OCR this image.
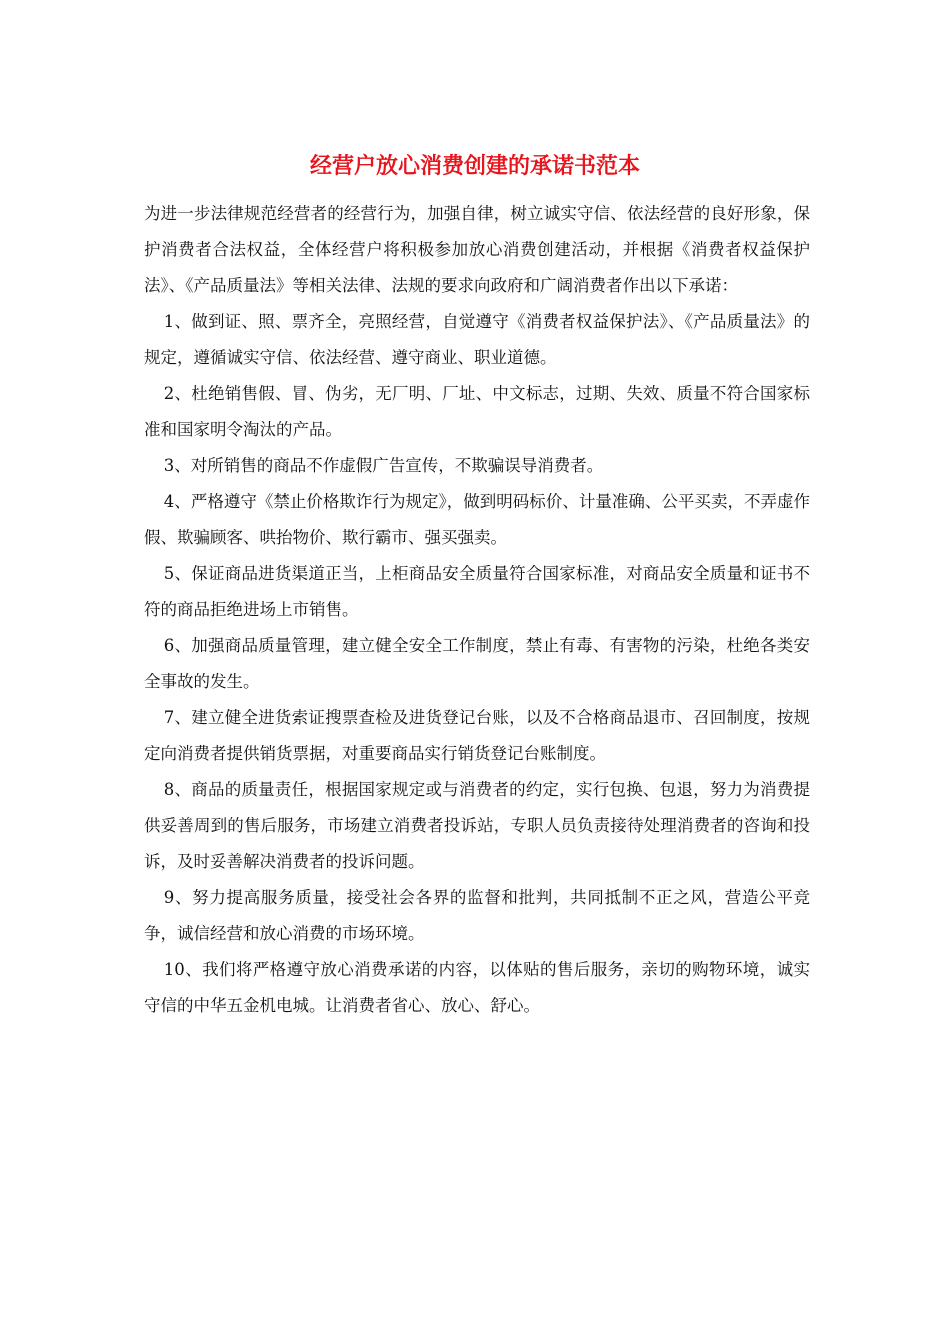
经营户放心消费创建的承诺书范本

为进一步法律规范经营者的经营行为，加强自律，树立诚实守信、依法经营的良好形象，保护消费者合法权益，全体经营户将积极参加放心消费创建活动，并根据《消费者权益保护法》、《产品质量法》等相关法律、法规的要求向政府和广阔消费者作出以下承诺：

1、做到证、照、票齐全，亮照经营，自觉遵守《消费者权益保护法》、《产品质量法》的规定，遵循诚实守信、依法经营、遵守商业、职业道德。

2、杜绝销售假、冒、伪劣，无厂明、厂址、中文标志，过期、失效、质量不符合国家标准和国家明令淘汰的产品。

3、对所销售的商品不作虚假广告宣传，不欺骗误导消费者。

4、严格遵守《禁止价格欺诈行为规定》，做到明码标价、计量准确、公平买卖，不弄虚作假、欺骗顾客、哄抬物价、欺行霸市、强买强卖。

5、保证商品进货渠道正当，上柜商品安全质量符合国家标准，对商品安全质量和证书不符的商品拒绝进场上市销售。

6、加强商品质量管理，建立健全安全工作制度，禁止有毒、有害物的污染，杜绝各类安全事故的发生。

7、建立健全进货索证搜票查检及进货登记台账，以及不合格商品退市、召回制度，按规定向消费者提供销货票据，对重要商品实行销货登记台账制度。

8、商品的质量责任，根据国家规定或与消费者的约定，实行包换、包退，努力为消费提供妥善周到的售后服务，市场建立消费者投诉站，专职人员负责接待处理消费者的咨询和投诉，及时妥善解决消费者的投诉问题。

9、努力提高服务质量，接受社会各界的监督和批判，共同抵制不正之风，营造公平竞争，诚信经营和放心消费的市场环境。

10、我们将严格遵守放心消费承诺的内容，以体贴的售后服务，亲切的购物环境，诚实守信的中华五金机电城。让消费者省心、放心、舒心。
